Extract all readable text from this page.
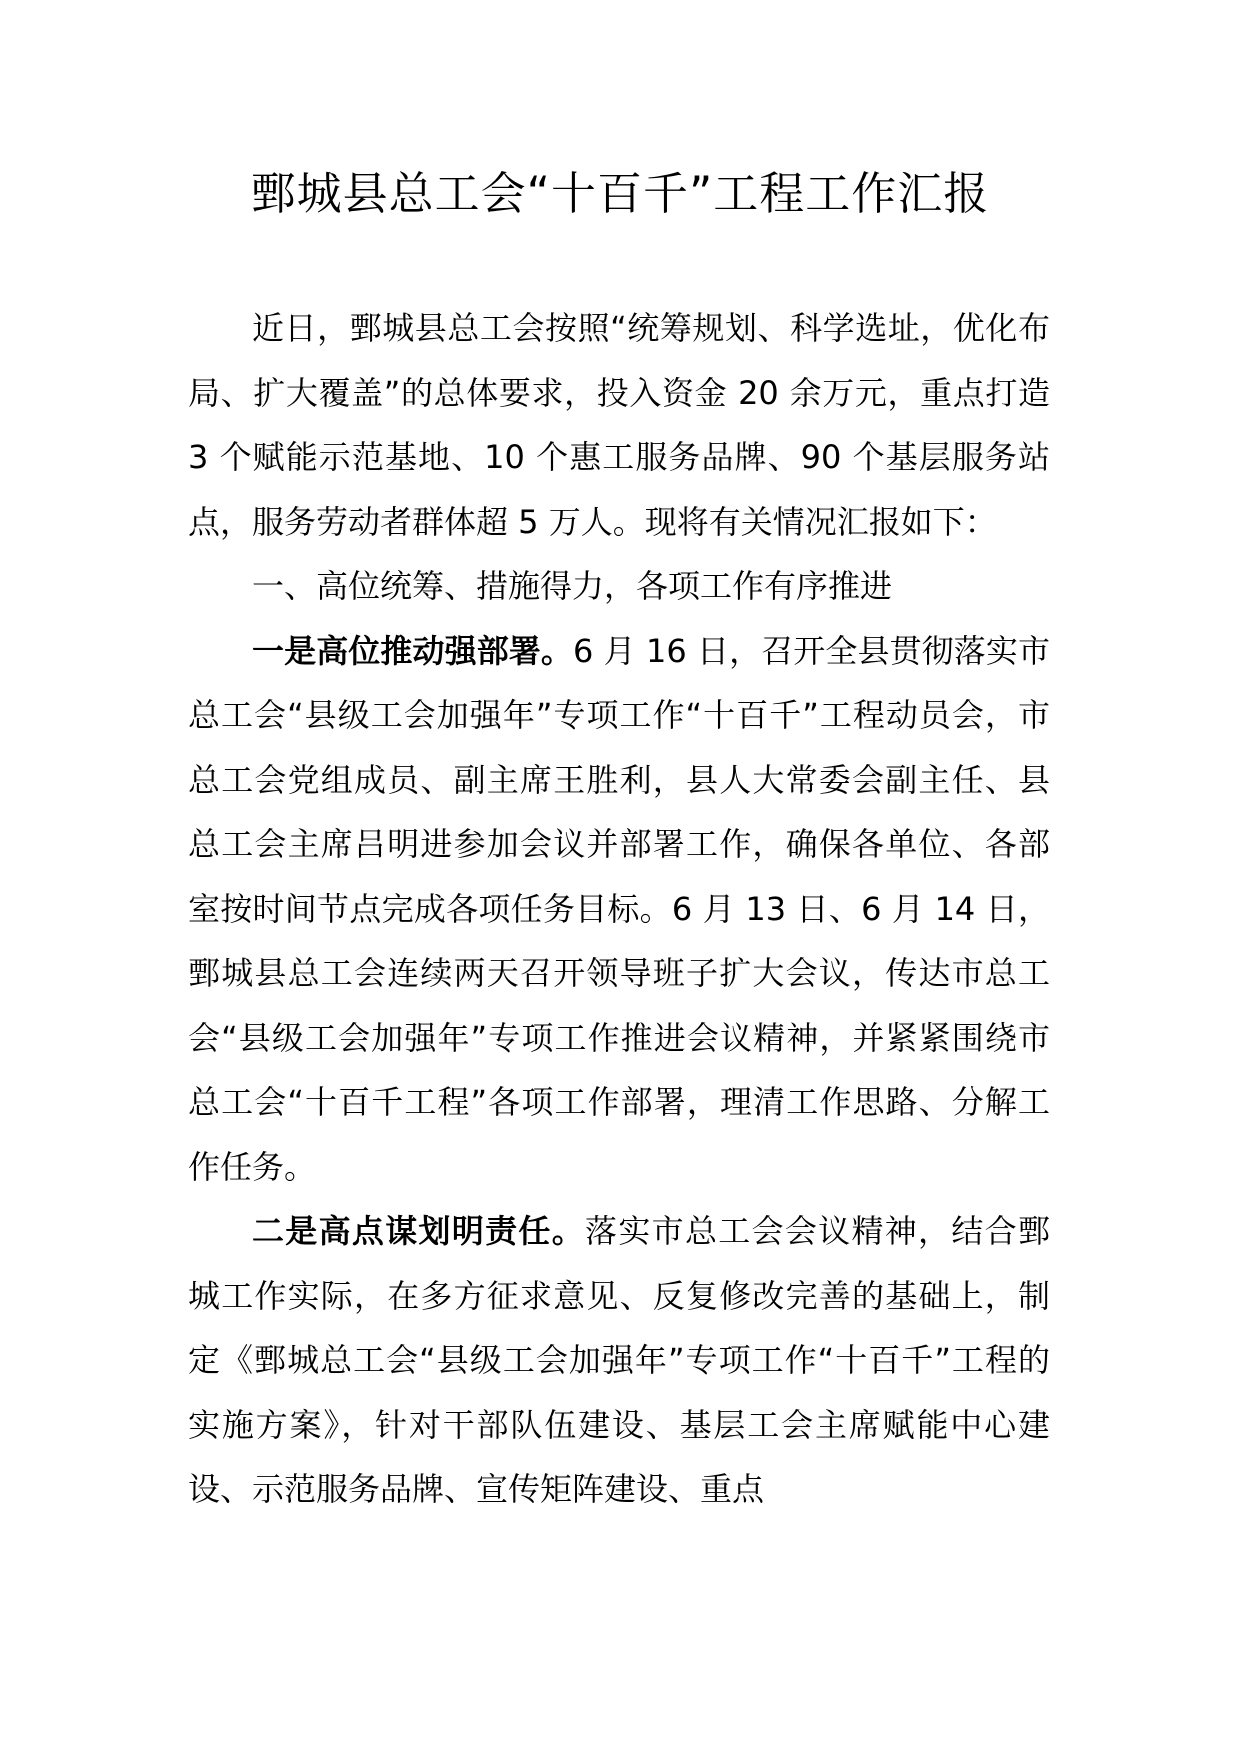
鄄城县总工会“十百千”工程工作汇报

近日，鄄城县总工会按照“统筹规划、科学选址，优化布局、扩大覆盖”的总体要求，投入资金 20 余万元，重点打造 3 个赋能示范基地、10 个惠工服务品牌、90 个基层服务站点，服务劳动者群体超 5 万人。现将有关情况汇报如下：

一、高位统筹、措施得力，各项工作有序推进

一是高位推动强部署。6 月 16 日，召开全县贯彻落实市总工会“县级工会加强年”专项工作“十百千”工程动员会，市总工会党组成员、副主席王胜利，县人大常委会副主任、县总工会主席吕明进参加会议并部署工作，确保各单位、各部室按时间节点完成各项任务目标。6 月 13 日、6 月 14 日，鄄城县总工会连续两天召开领导班子扩大会议，传达市总工会“县级工会加强年”专项工作推进会议精神，并紧紧围绕市总工会“十百千工程”各项工作部署，理清工作思路、分解工作任务。

二是高点谋划明责任。落实市总工会会议精神，结合鄄城工作实际，在多方征求意见、反复修改完善的基础上，制定《鄄城总工会“县级工会加强年”专项工作“十百千”工程的实施方案》，针对干部队伍建设、基层工会主席赋能中心建设、示范服务品牌、宣传矩阵建设、重点
